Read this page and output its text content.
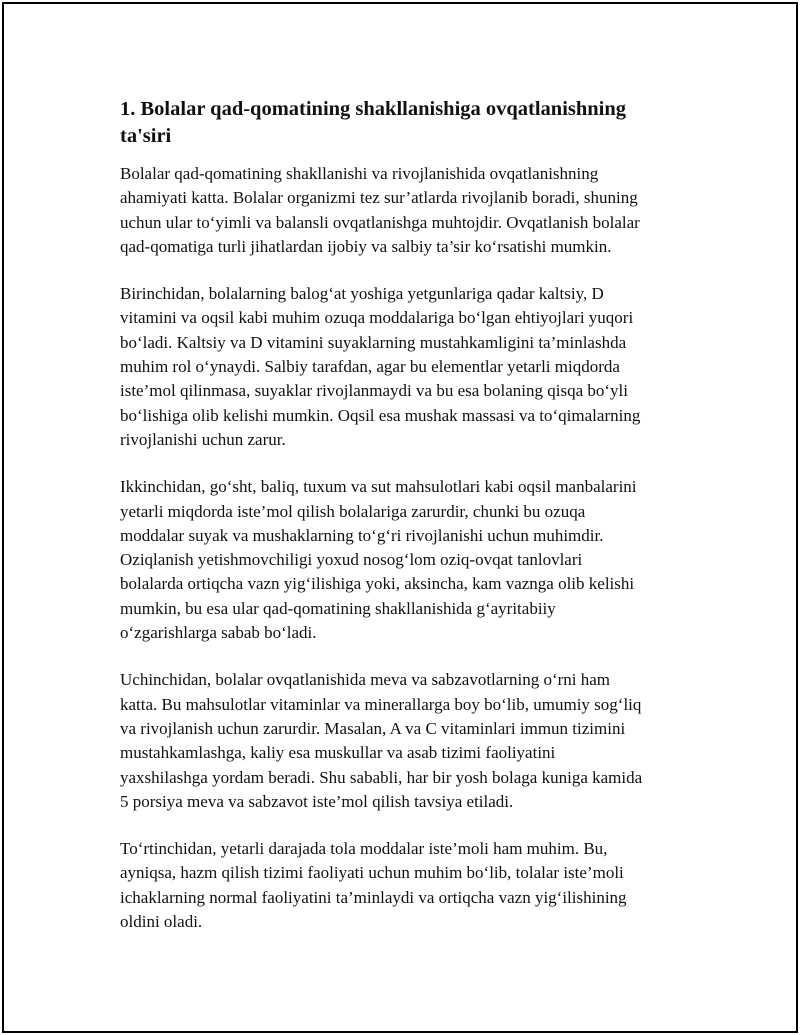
1. Bolalar qad-qomatining shakllanishiga ovqatlanishning
ta'siri

Bolalar qad-qomatining shakllanishi va rivojlanishida ovqatlanishning
ahamiyati katta. Bolalar organizmi tez sur’atlarda rivojlanib boradi, shuning
uchun ular to‘yimli va balansli ovqatlanishga muhtojdir. Ovqatlanish bolalar
qad-qomatiga turli jihatlardan ijobiy va salbiy ta’sir ko‘rsatishi mumkin.

Birinchidan, bolalarning balog‘at yoshiga yetgunlariga qadar kaltsiy, D
vitamini va oqsil kabi muhim ozuqa moddalariga bo‘lgan ehtiyojlari yuqori
bo‘ladi. Kaltsiy va D vitamini suyaklarning mustahkamligini ta’minlashda
muhim rol o‘ynaydi. Salbiy tarafdan, agar bu elementlar yetarli miqdorda
iste’mol qilinmasa, suyaklar rivojlanmaydi va bu esa bolaning qisqa bo‘yli
bo‘lishiga olib kelishi mumkin. Oqsil esa mushak massasi va to‘qimalarning
rivojlanishi uchun zarur.

Ikkinchidan, go‘sht, baliq, tuxum va sut mahsulotlari kabi oqsil manbalarini
yetarli miqdorda iste’mol qilish bolalariga zarurdir, chunki bu ozuqa
moddalar suyak va mushaklarning to‘g‘ri rivojlanishi uchun muhimdir.
Oziqlanish yetishmovchiligi yoxud nosog‘lom oziq-ovqat tanlovlari
bolalarda ortiqcha vazn yig‘ilishiga yoki, aksincha, kam vaznga olib kelishi
mumkin, bu esa ular qad-qomatining shakllanishida g‘ayritabiiy
o‘zgarishlarga sabab bo‘ladi.

Uchinchidan, bolalar ovqatlanishida meva va sabzavotlarning o‘rni ham
katta. Bu mahsulotlar vitaminlar va minerallarga boy bo‘lib, umumiy sog‘liq
va rivojlanish uchun zarurdir. Masalan, A va C vitaminlari immun tizimini
mustahkamlashga, kaliy esa muskullar va asab tizimi faoliyatini
yaxshilashga yordam beradi. Shu sababli, har bir yosh bolaga kuniga kamida
5 porsiya meva va sabzavot iste’mol qilish tavsiya etiladi.

To‘rtinchidan, yetarli darajada tola moddalar iste’moli ham muhim. Bu,
ayniqsa, hazm qilish tizimi faoliyati uchun muhim bo‘lib, tolalar iste’moli
ichaklarning normal faoliyatini ta’minlaydi va ortiqcha vazn yig‘ilishining
oldini oladi.
